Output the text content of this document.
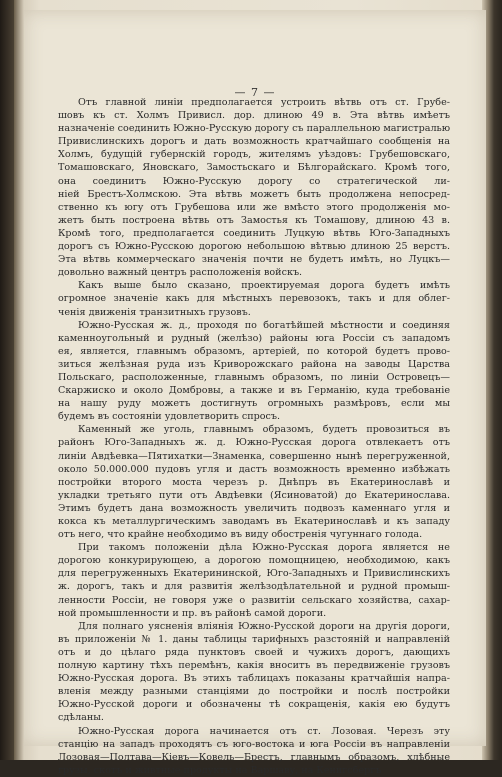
— 7 —

Отъ главной линіи предполагается устроить вѣтвь отъ ст. Грубе-
шовъ къ ст. Холмъ Привисл. дор. длиною 49 в. Эта вѣтвь имѣетъ
назначеніе соединить Южно-Русскую дорогу съ параллельною магистралью
Привислинскихъ дорогъ и дать возможность кратчайшаго сообщенія на
Холмъ, будущій губернскій городъ, жителямъ уѣздовъ: Грубешовскаго,
Томашовскаго, Яновскаго, Замостьскаго и Бѣлгорайскаго. Кромѣ того,
она соединитъ Южно-Русскую дорогу со стратегической ли-
ніей Брестъ-Холмскою. Эта вѣтвь можетъ быть продолжена непосред-
ственно къ югу отъ Грубешова или же вмѣсто этого продолженія мо-
жетъ быть построена вѣтвь отъ Замостья къ Томашову, длиною 43 в.
Кромѣ того, предполагается соединить Луцкую вѣтвь Юго-Западныхъ
дорогъ съ Южно-Русскою дорогою небольшою вѣтвью длиною 25 верстъ.
Эта вѣтвь коммерческаго значенія почти не будетъ имѣть, но Луцкъ—
довольно важный центръ расположенія войскъ.

Какъ выше было сказано, проектируемая дорога будетъ имѣть
огромное значеніе какъ для мѣстныхъ перевозокъ, такъ и для облег-
ченія движенія транзитныхъ грузовъ.

Южно-Русская ж. д., проходя по богатѣйшей мѣстности и соединяя
каменноугольный и рудный (желѣзо) районы юга Россіи съ западомъ
ея, является, главнымъ образомъ, артеріей, по которой будетъ прово-
зиться желѣзная руда изъ Криворожскаго района на заводы Царства
Польскаго, расположенные, главнымъ образомъ, по линіи Островецъ—
Скаржиско и около Домбровы, а также и въ Германію, куда требованіе
на нашу руду можетъ достигнуть огромныхъ размѣровъ, если мы
будемъ въ состояніи удовлетворить спросъ.

Каменный же уголь, главнымъ образомъ, будетъ провозиться въ
районъ Юго-Западныхъ ж. д. Южно-Русская дорога отвлекаетъ отъ
линіи Авдѣевка—Пятихатки—Знаменка, совершенно нынѣ перегруженной,
около 50.000.000 пудовъ угля и дастъ возможность временно избѣжать
постройки второго моста черезъ р. Днѣпръ въ Екатеринославѣ и
укладки третьяго пути отъ Авдѣевки (Ясиноватой) до Екатеринослава.
Этимъ будетъ дана возможность увеличить подвозъ каменнаго угля и
кокса къ металлургическимъ заводамъ въ Екатеринославѣ и къ западу
отъ него, что крайне необходимо въ виду обостренія чугуннаго голода.

При такомъ положеніи дѣла Южно-Русская дорога является не
дорогою конкурирующею, а дорогою помощницею, необходимою, какъ
для перегруженныхъ Екатерининской, Юго-Западныхъ и Привислинскихъ
ж. дорогъ, такъ и для развитія желѣзодѣлательной и рудной промыш-
ленности Россіи, не говоря уже о развитіи сельскаго хозяйства, сахар-
ной промышленности и пр. въ районѣ самой дороги.

Для полнаго уясненія вліянія Южно-Русской дороги на другія дороги,
въ приложеніи № 1. даны таблицы тарифныхъ разстояній и направленій
отъ и до цѣлаго ряда пунктовъ своей и чужихъ дорогъ, дающихъ
полную картину тѣхъ перемѣнъ, какія вноситъ въ передвиженіе грузовъ
Южно-Русская дорога. Въ этихъ таблицахъ показаны кратчайшія напра-
вленія между разными станціями до постройки и послѣ постройки
Южно-Русской дороги и обозначены тѣ сокращенія, какія ею будутъ
сдѣланы.

Южно-Русская дорога начинается отъ ст. Лозовая. Черезъ эту
станцію на западъ проходятъ съ юго-востока и юга Россіи въ направленіи
Лозовая—Полтава—Кіевъ—Ковель—Брестъ, главнымъ образомъ, хлѣбные
грузы, скотъ и живтные продукты на Варшаву, на Кенигсбергъ
